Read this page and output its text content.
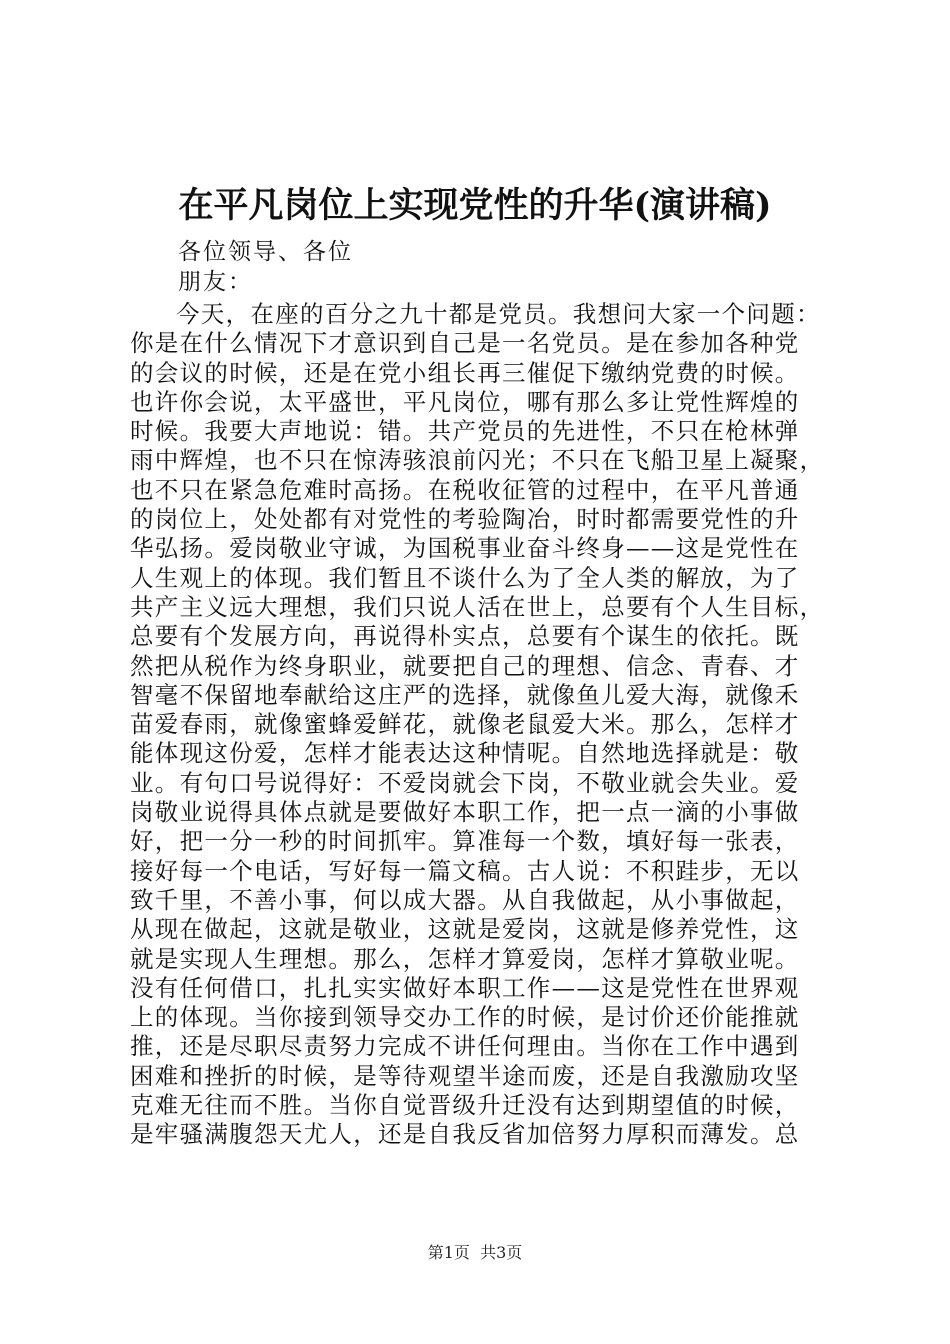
在平凡岗位上实现党性的升华(演讲稿)
各位领导、各位
朋友：
今天，在座的百分之九十都是党员。我想问大家一个问题：
你是在什么情况下才意识到自己是一名党员。是在参加各种党
的会议的时候，还是在党小组长再三催促下缴纳党费的时候。
也许你会说，太平盛世，平凡岗位，哪有那么多让党性辉煌的
时候。我要大声地说：错。共产党员的先进性，不只在枪林弹
雨中辉煌，也不只在惊涛骇浪前闪光；不只在飞船卫星上凝聚，
也不只在紧急危难时高扬。在税收征管的过程中，在平凡普通
的岗位上，处处都有对党性的考验陶冶，时时都需要党性的升
华弘扬。爱岗敬业守诚，为国税事业奋斗终身——这是党性在
人生观上的体现。我们暂且不谈什么为了全人类的解放，为了
共产主义远大理想，我们只说人活在世上，总要有个人生目标，
总要有个发展方向，再说得朴实点，总要有个谋生的依托。既
然把从税作为终身职业，就要把自己的理想、信念、青春、才
智毫不保留地奉献给这庄严的选择，就像鱼儿爱大海，就像禾
苗爱春雨，就像蜜蜂爱鲜花，就像老鼠爱大米。那么，怎样才
能体现这份爱，怎样才能表达这种情呢。自然地选择就是：敬
业。有句口号说得好：不爱岗就会下岗，不敬业就会失业。爱
岗敬业说得具体点就是要做好本职工作，把一点一滴的小事做
好，把一分一秒的时间抓牢。算准每一个数，填好每一张表，
接好每一个电话，写好每一篇文稿。古人说：不积跬步，无以
致千里，不善小事，何以成大器。从自我做起，从小事做起，
从现在做起，这就是敬业，这就是爱岗，这就是修养党性，这
就是实现人生理想。那么，怎样才算爱岗，怎样才算敬业呢。
没有任何借口，扎扎实实做好本职工作——这是党性在世界观
上的体现。当你接到领导交办工作的时候，是讨价还价能推就
推，还是尽职尽责努力完成不讲任何理由。当你在工作中遇到
困难和挫折的时候，是等待观望半途而废，还是自我激励攻坚
克难无往而不胜。当你自觉晋级升迁没有达到期望值的时候，
是牢骚满腹怨天尤人，还是自我反省加倍努力厚积而薄发。总
第1页  共3页
